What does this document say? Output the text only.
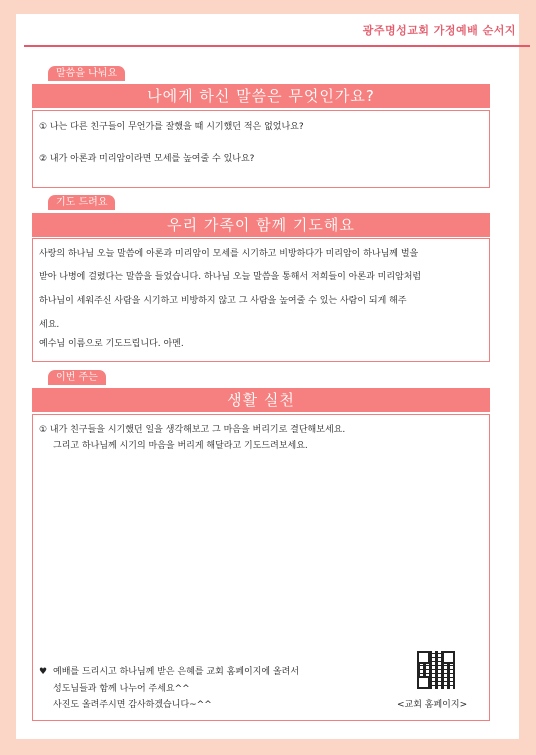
광주명성교회 가정예배 순서지
말씀을 나눠요
나에게 하신 말씀은 무엇인가요?
① 나는 다른 친구들이 무언가를 잘했을 때 시기했던 적은 없었나요?
② 내가 아론과 미리암이라면 모세를 높여줄 수 있나요?
기도 드려요
우리 가족이 함께 기도해요
사랑의 하나님 오늘 말씀에 아론과 미리암이 모세를 시기하고 비방하다가 미리암이 하나님께 벌을
받아 나병에 걸렸다는 말씀을 들었습니다. 하나님 오늘 말씀을 통해서 저희들이 아론과 미리암처럼
하나님이 세워주신 사람을 시기하고 비방하지 않고 그 사람을 높여줄 수 있는 사람이 되게 해주
세요.
예수님 이름으로 기도드립니다. 아멘.
이번 주는
생활 실천
① 내가 친구들을 시기했던 일을 생각해보고 그 마음을 버리기로 결단해보세요.
그리고 하나님께 시기의 마음을 버리게 해달라고 기도드려보세요.
♥ 예배를 드리시고 하나님께 받은 은혜를 교회 홈페이지에 올려서
성도님들과 함께 나누어 주세요^^
사진도 올려주시면 감사하겠습니다~^^	<교회 홈페이지>
